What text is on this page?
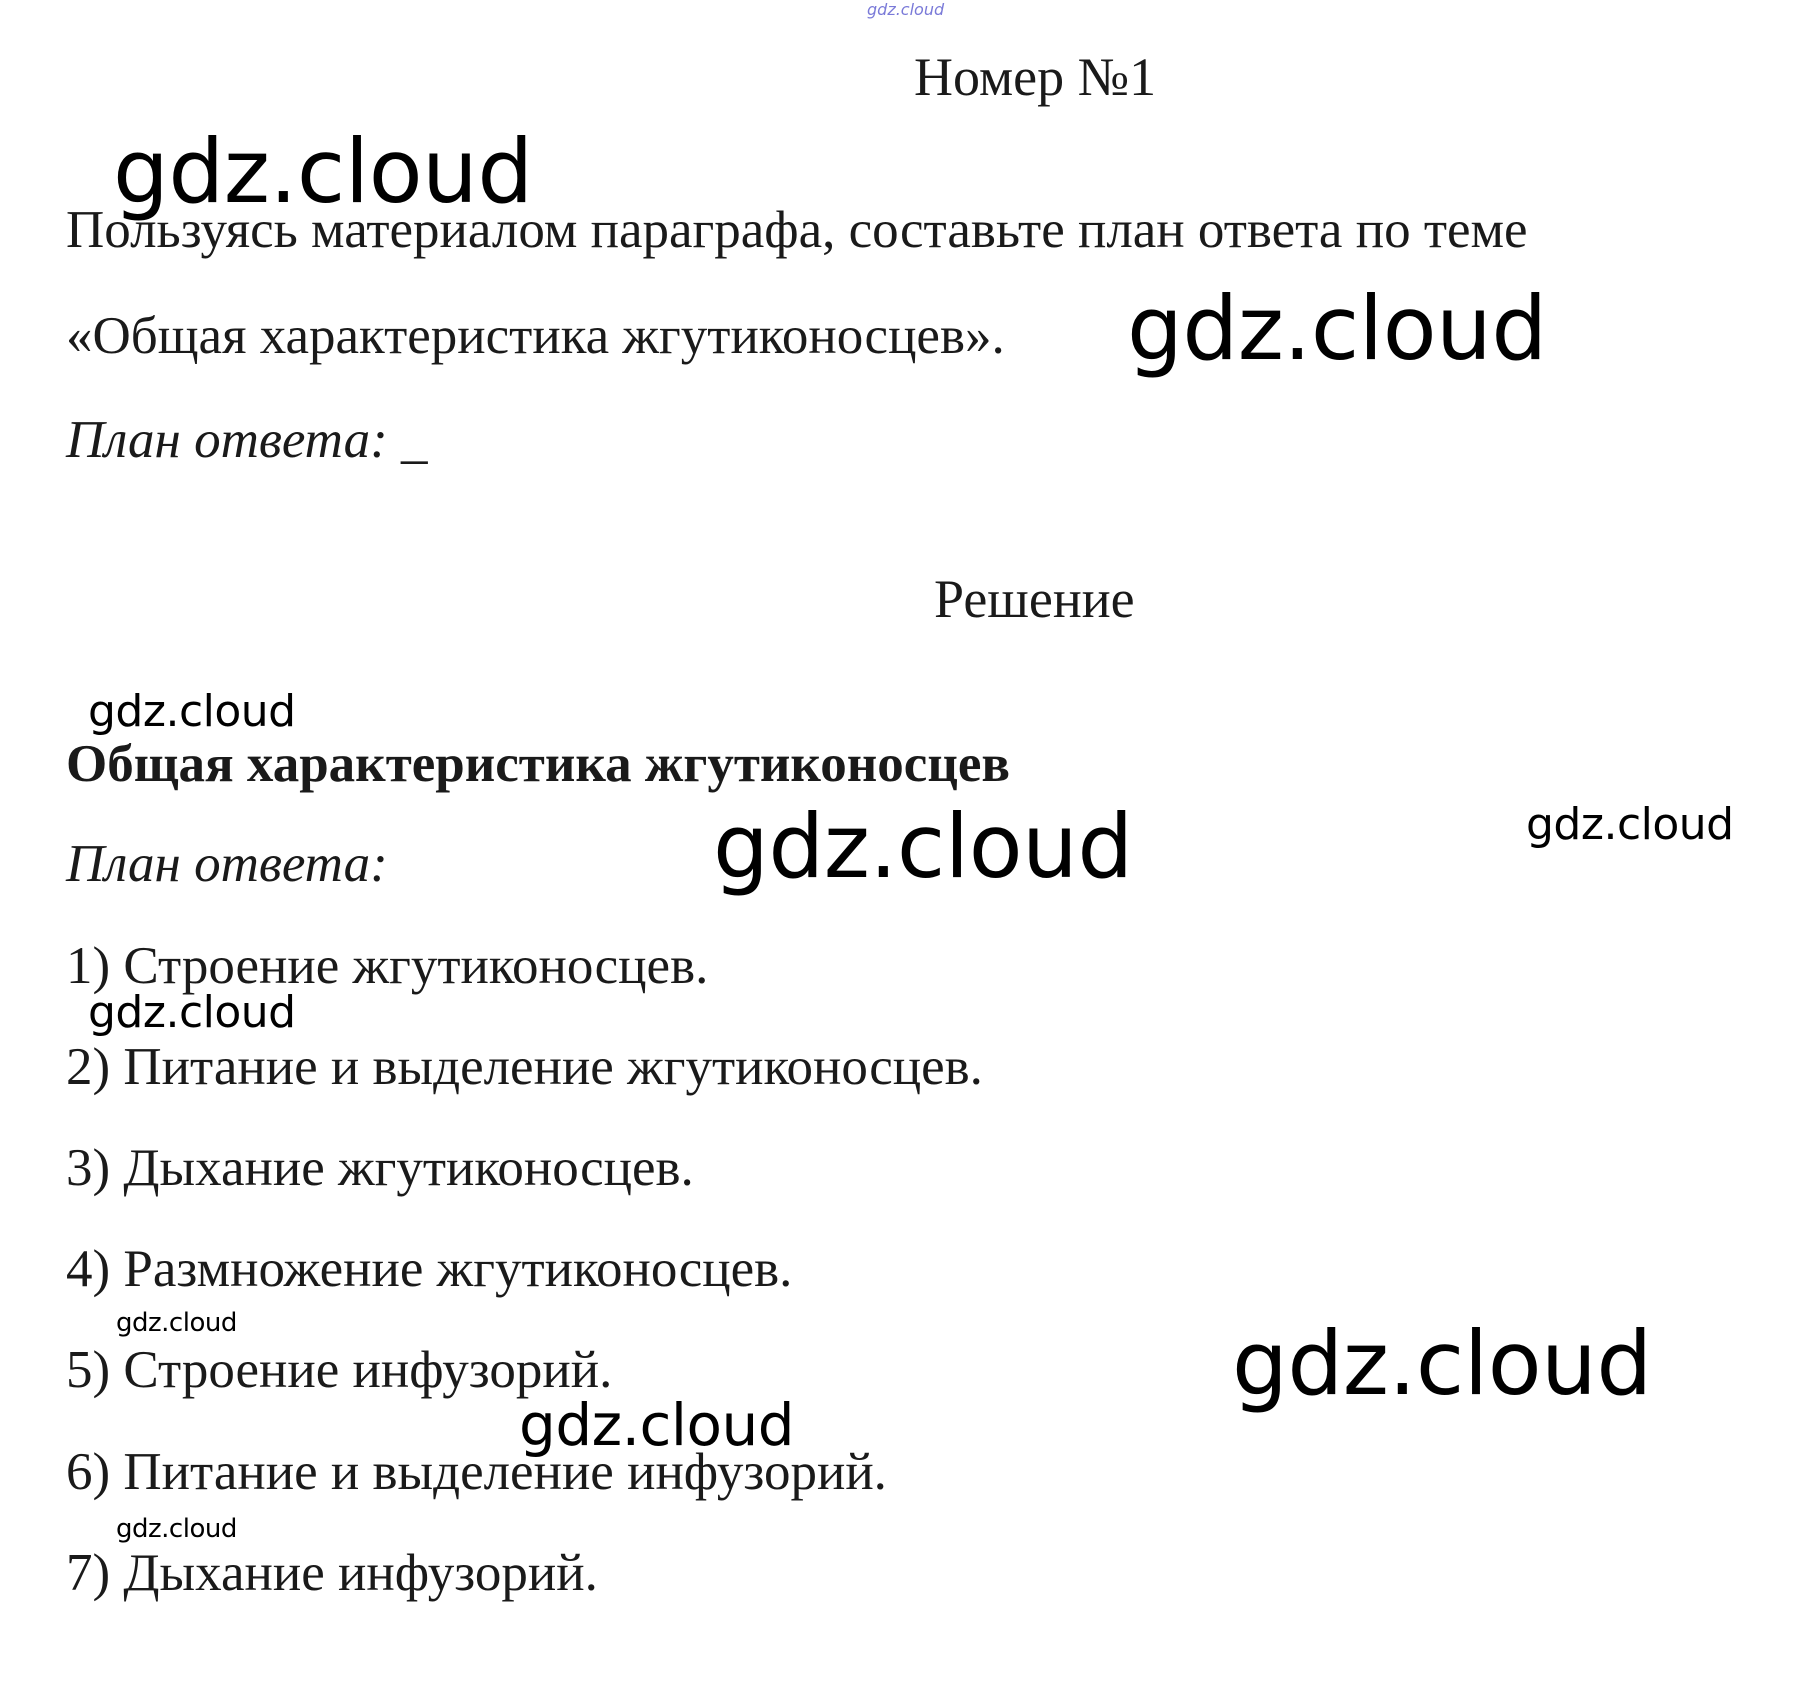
gdz.cloud
Номер №1
Пользуясь материалом параграфа, составьте план ответа по теме
«Общая характеристика жгутиконосцев».
План ответа: _
Решение
Общая характеристика жгутиконосцев
План ответа:
1) Строение жгутиконосцев.
2) Питание и выделение жгутиконосцев.
3) Дыхание жгутиконосцев.
4) Размножение жгутиконосцев.
5) Строение инфузорий.
6) Питание и выделение инфузорий.
7) Дыхание инфузорий.
gdz.cloud
gdz.cloud
gdz.cloud
gdz.cloud	gdz.cloud
gdz.cloud
gdz.cloud	gdz.cloud
gdz.cloud
gdz.cloud
